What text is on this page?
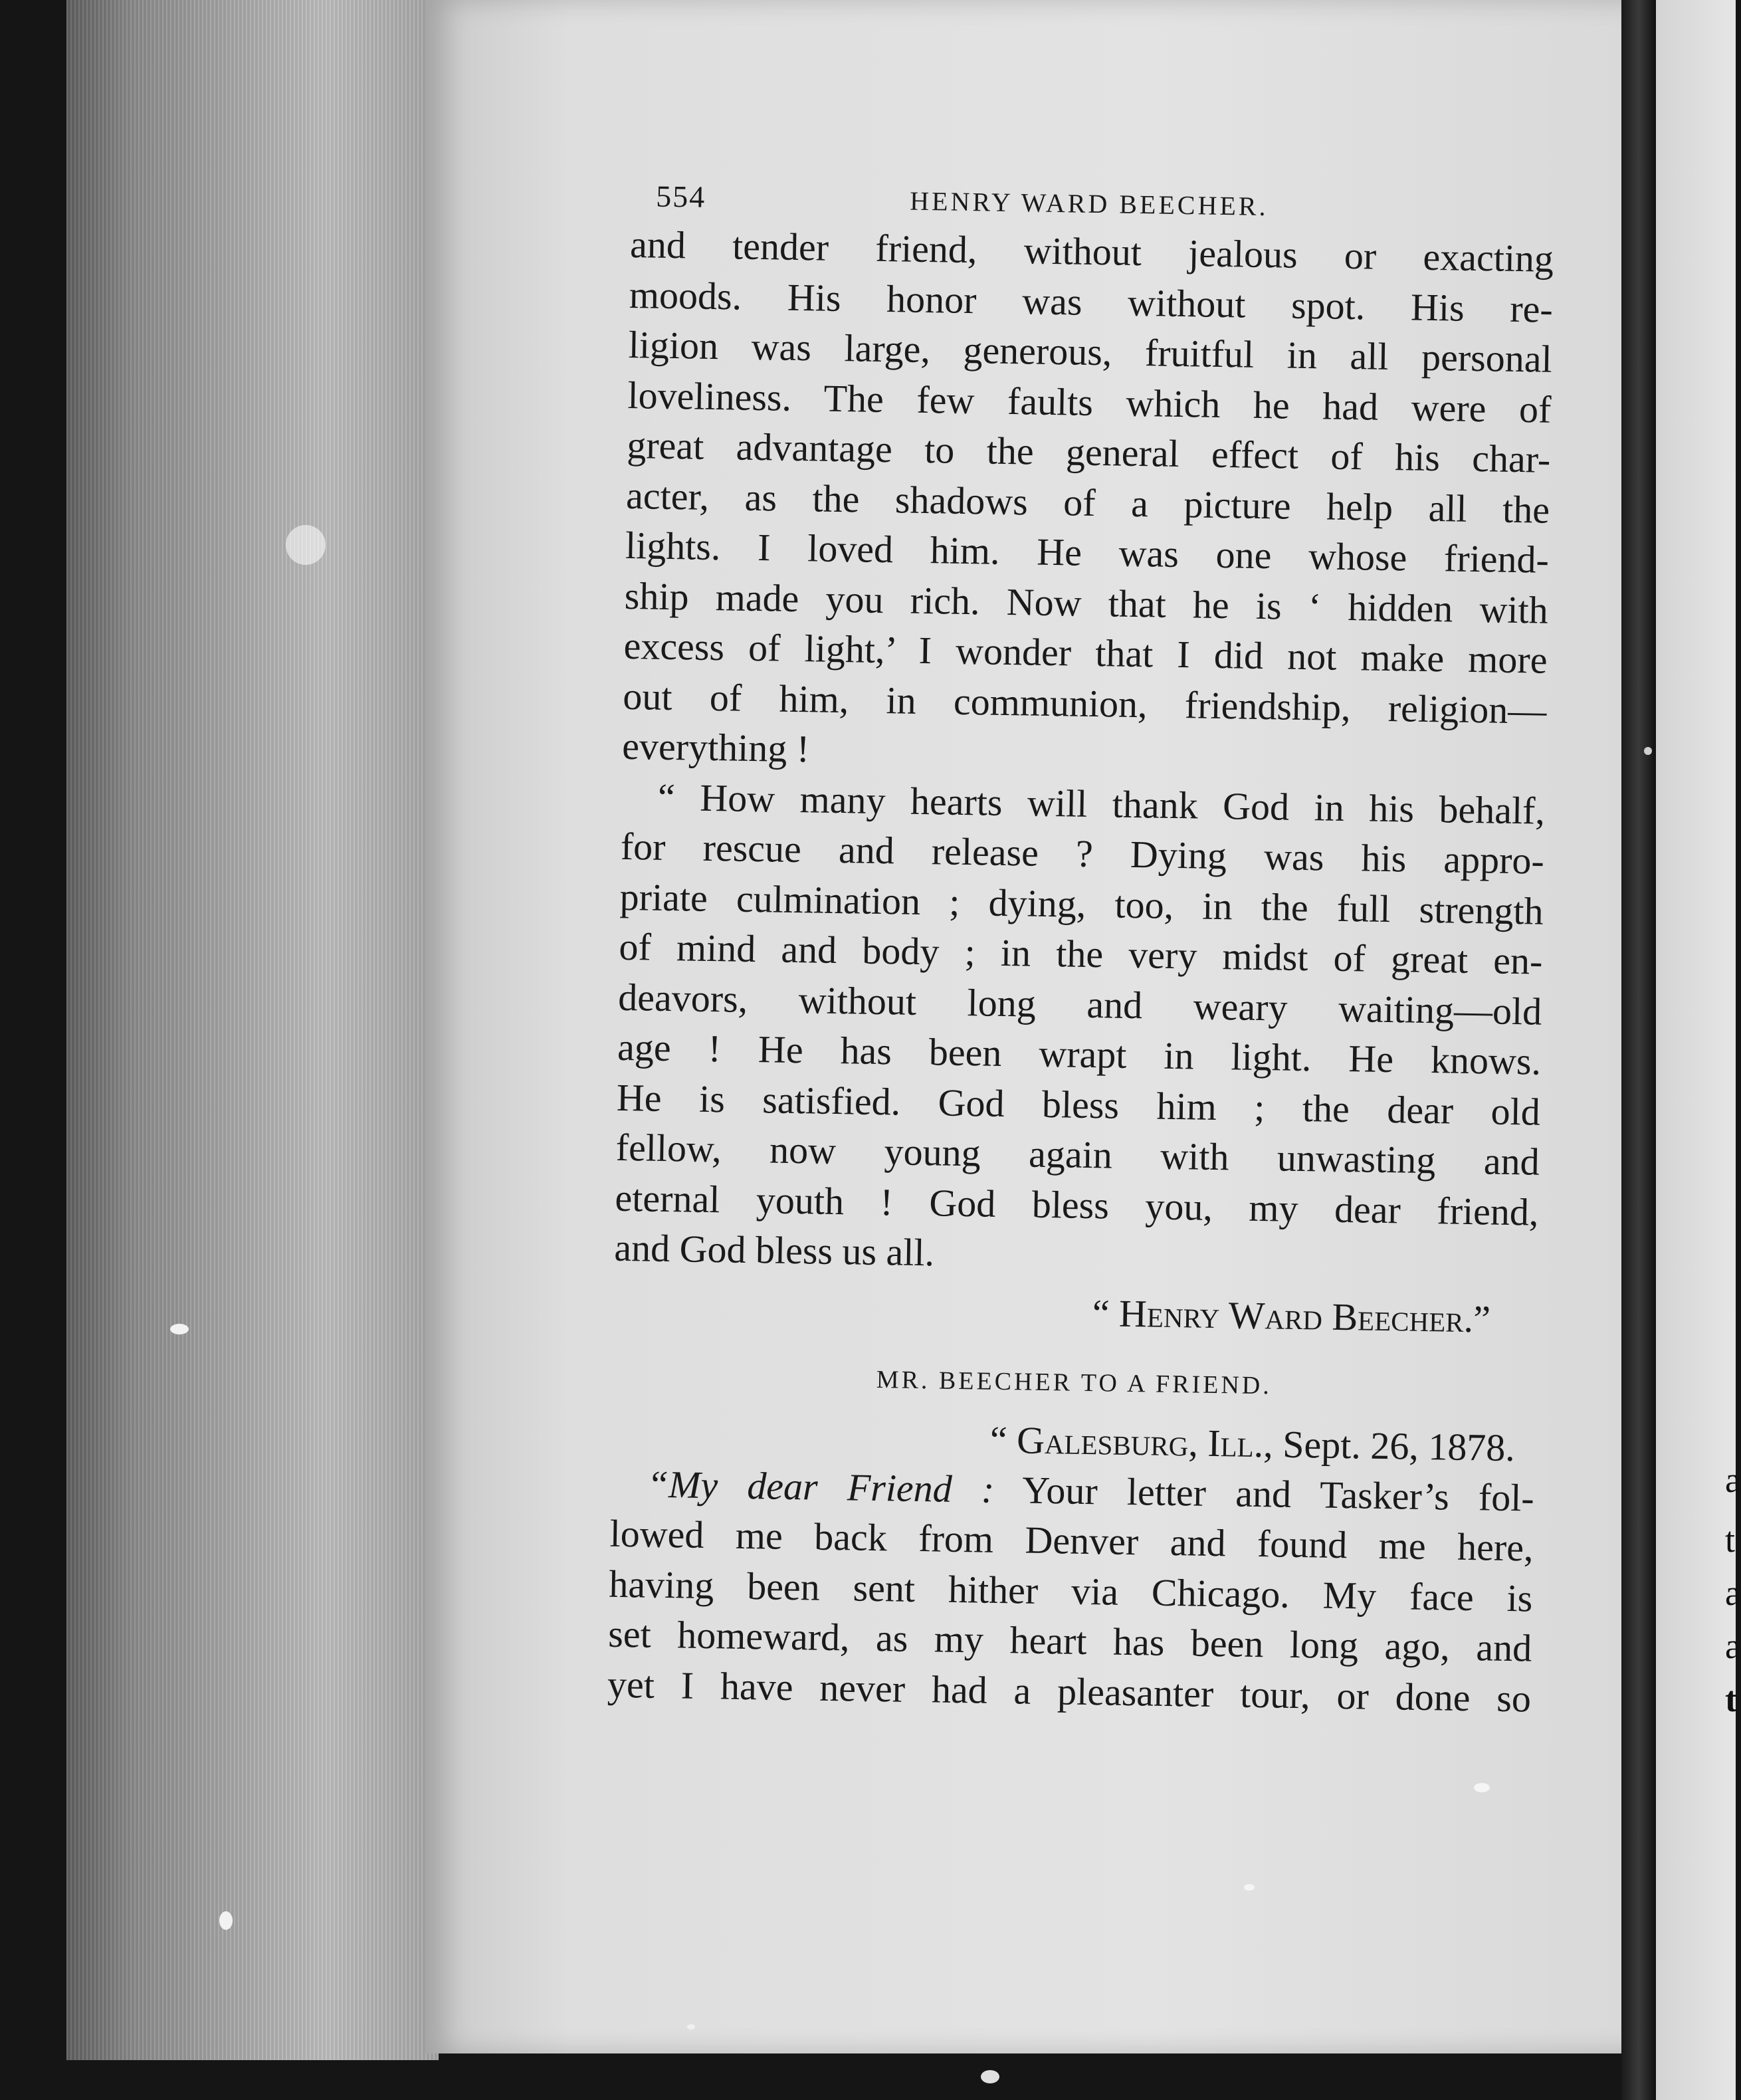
a
t
a
a
t
554	HENRY WARD BEECHER.
and tender friend, without jealous or exacting
moods. His honor was without spot. His re-
ligion was large, generous, fruitful in all personal
loveliness. The few faults which he had were of
great advantage to the general effect of his char-
acter, as the shadows of a picture help all the
lights. I loved him. He was one whose friend-
ship made you rich. Now that he is ‘ hidden with
excess of light,’ I wonder that I did not make more
out of him, in communion, friendship, religion—
everything !
“ How many hearts will thank God in his behalf,
for rescue and release ? Dying was his appro-
priate culmination ; dying, too, in the full strength
of mind and body ; in the very midst of great en-
deavors, without long and weary waiting—old
age ! He has been wrapt in light. He knows.
He is satisfied. God bless him ; the dear old
fellow, now young again with unwasting and
eternal youth ! God bless you, my dear friend,
and God bless us all.
“ Henry Ward Beecher.”
MR. BEECHER TO A FRIEND.
“ Galesburg, Ill., Sept. 26, 1878.
“My dear Friend : Your letter and Tasker’s fol-
lowed me back from Denver and found me here,
having been sent hither via Chicago. My face is
set homeward, as my heart has been long ago, and
yet I have never had a pleasanter tour, or done so
